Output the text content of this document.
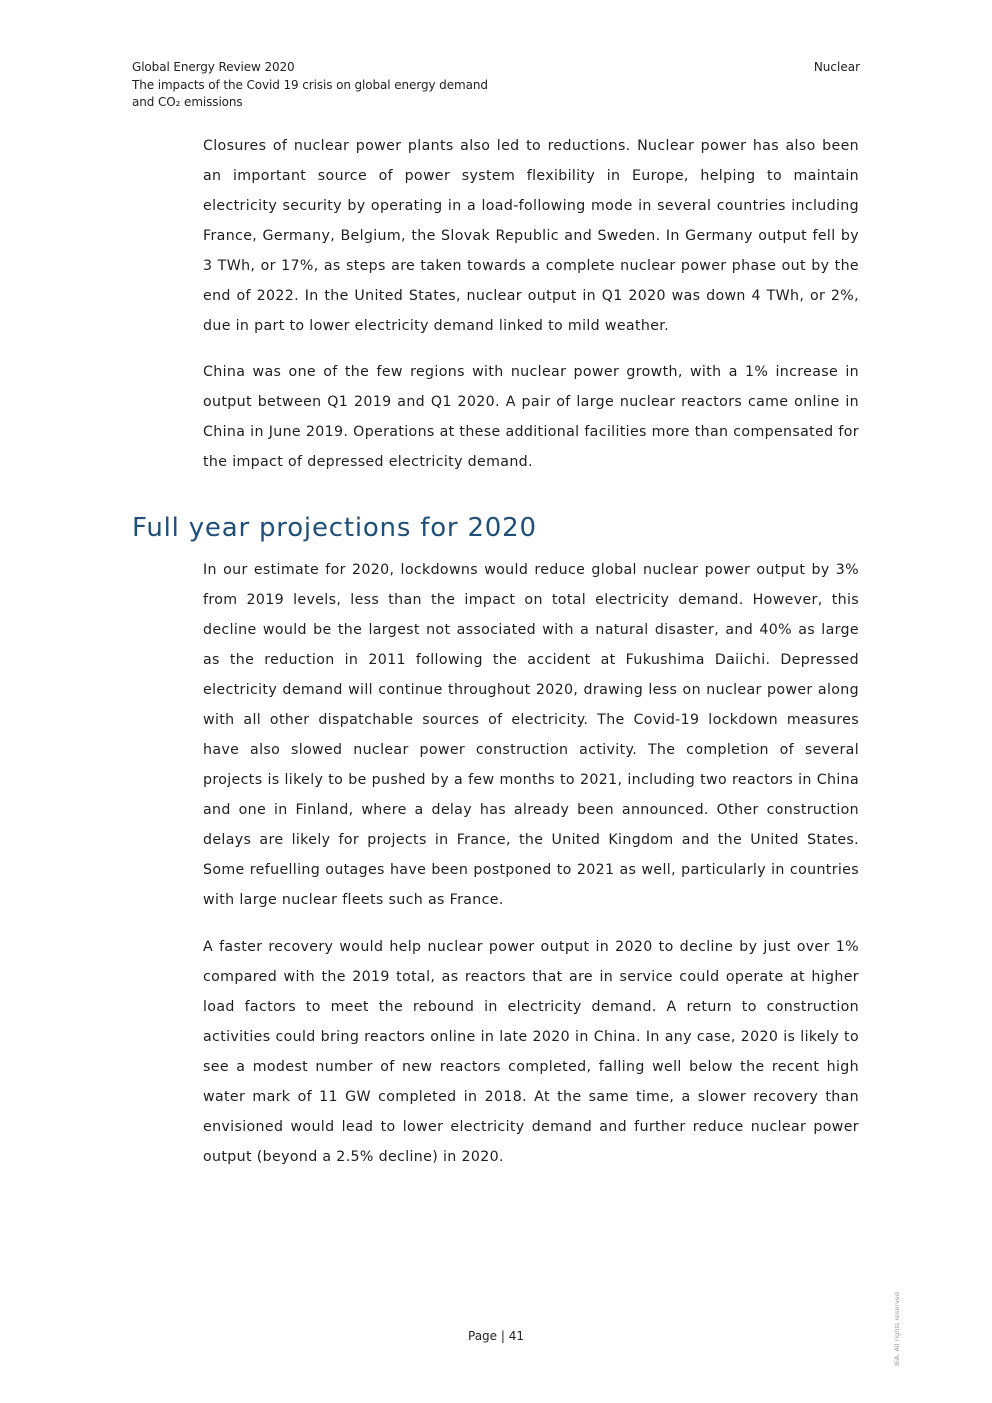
Global Energy Review 2020
The impacts of the Covid 19 crisis on global energy demand
and CO₂ emissions
Nuclear

Closures of nuclear power plants also led to reductions. Nuclear power has also been an important source of power system flexibility in Europe, helping to maintain electricity security by operating in a load-following mode in several countries including France, Germany, Belgium, the Slovak Republic and Sweden. In Germany output fell by 3 TWh, or 17%, as steps are taken towards a complete nuclear power phase out by the end of 2022. In the United States, nuclear output in Q1 2020 was down 4 TWh, or 2%, due in part to lower electricity demand linked to mild weather.

China was one of the few regions with nuclear power growth, with a 1% increase in output between Q1 2019 and Q1 2020. A pair of large nuclear reactors came online in China in June 2019. Operations at these additional facilities more than compensated for the impact of depressed electricity demand.

Full year projections for 2020

In our estimate for 2020, lockdowns would reduce global nuclear power output by 3% from 2019 levels, less than the impact on total electricity demand. However, this decline would be the largest not associated with a natural disaster, and 40% as large as the reduction in 2011 following the accident at Fukushima Daiichi. Depressed electricity demand will continue throughout 2020, drawing less on nuclear power along with all other dispatchable sources of electricity. The Covid-19 lockdown measures have also slowed nuclear power construction activity. The completion of several projects is likely to be pushed by a few months to 2021, including two reactors in China and one in Finland, where a delay has already been announced. Other construction delays are likely for projects in France, the United Kingdom and the United States. Some refuelling outages have been postponed to 2021 as well, particularly in countries with large nuclear fleets such as France.

A faster recovery would help nuclear power output in 2020 to decline by just over 1% compared with the 2019 total, as reactors that are in service could operate at higher load factors to meet the rebound in electricity demand. A return to construction activities could bring reactors online in late 2020 in China. In any case, 2020 is likely to see a modest number of new reactors completed, falling well below the recent high water mark of 11 GW completed in 2018. At the same time, a slower recovery than envisioned would lead to lower electricity demand and further reduce nuclear power output (beyond a 2.5% decline) in 2020.

Page | 41	IEA. All rights reserved.
